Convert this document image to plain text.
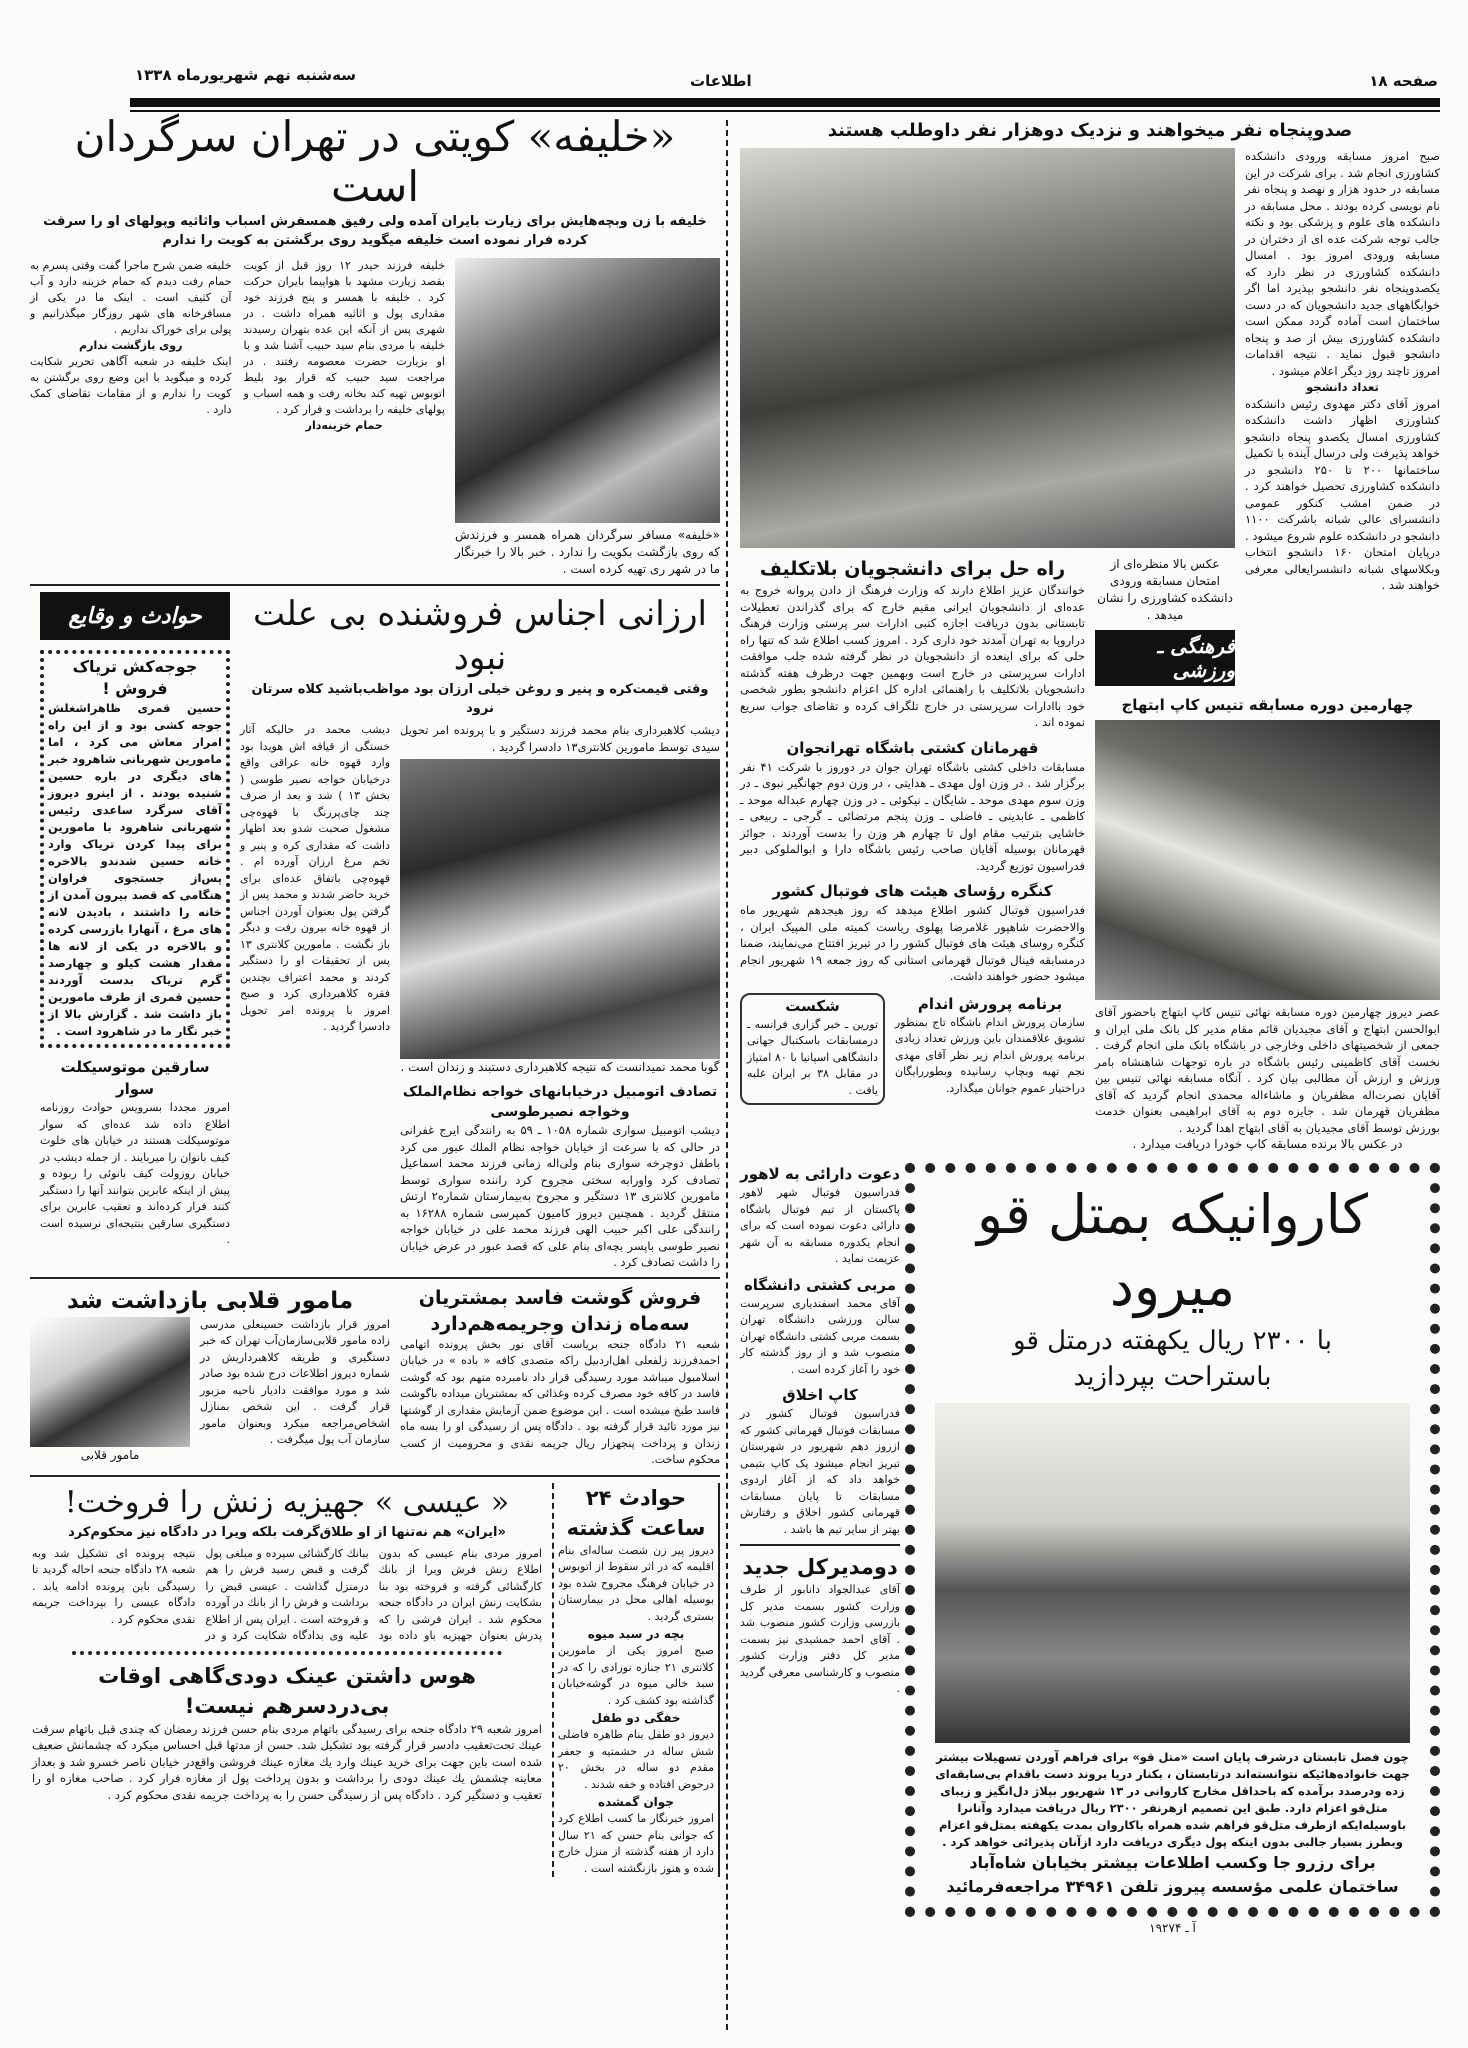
صفحه ۱۸
اطلاعات
سه‌شنبه نهم شهریورماه ۱۳۳۸
صدوپنجاه نفر میخواهند و نزدیک دوهزار نفر داوطلب هستند
صبح امروز مسابقه ورودی دانشکده کشاورزی انجام شد . برای شرکت در این مسابقه در حدود هزار و نهصد و پنجاه نفر نام نویسی کرده بودند . محل مسابقه در دانشکده های علوم و پزشکی بود و نکته جالب توجه شرکت عده ای از دختران در مسابقه ورودی امروز بود . امسال دانشکده کشاورزی در نظر دارد که یکصدوپنجاه نفر دانشجو بپذیرد اما اگر خوابگاههای جدید دانشجویان که در دست ساختمان است آماده گردد ممکن است دانشکده کشاورزی بیش از صد و پنجاه دانشجو قبول نماید . نتیجه اقدامات امروز تاچند روز دیگر اعلام میشود .
تعداد دانشجو
امروز آقای دکتر مهدوی رئیس دانشکده کشاورزی اظهار داشت دانشکده کشاورزی امسال یکصدو پنجاه دانشجو خواهد پذیرفت ولی درسال آینده با تکمیل ساختمانها ۲۰۰ تا ۲۵۰ دانشجو در دانشکده کشاورزی تحصیل خواهند کرد . در ضمن امشب کنکور عمومی دانشسرای عالی شبانه باشرکت ۱۱۰۰ دانشجو در دانشکده علوم شروع میشود . درپایان امتحان ۱۶۰ دانشجو انتخاب وبکلاسهای شبانه دانشسرایعالی معرفی خواهند شد .
عکس بالا منظره‌ای از امتحان مسابقه ورودی دانشکده کشاورزی را نشان میدهد .
فرهنگی ـ ورزشی
راه حل برای دانشجویان بلاتکلیف
خوانندگان عزیز اطلاع دارند که وزارت فرهنگ از دادن پروانه خروج به عده‌ای از دانشجویان ایرانی مقیم خارج که برای گذراندن تعطیلات تابستانی بدون دریافت اجازه کتبی ادارات سر پرستی وزارت فرهنگ دراروپا به تهران آمدند خود داری کرد . امروز کسب اطلاع شد که تنها راه حلی که برای اینعده از دانشجویان در نظر گرفته شده جلب موافقت ادارات سرپرستی در خارج است وبهمین جهت درظرف هفته گذشته دانشجویان بلاتکلیف با راهنمائی اداره کل اعزام دانشجو بطور شخصی خود باادارات سرپرستی در خارج تلگراف کرده و تقاضای جواب سریع نموده اند .
قهرمانان کشتی باشگاه تهرانجوان
مسابقات داخلی کشتی باشگاه تهران جوان در دوروز با شرکت ۴۱ نفر برگزار شد . در وزن اول مهدی ـ هدایتی ، در وزن دوم جهانگیر نبوی ـ در وزن سوم مهدی موحد ـ شایگان ـ نیکوئی ـ در وزن چهارم عبداله موحد ـ کاظمی ـ عابدینی ـ فاضلی ـ وزن پنجم مرتضائی ـ گرجی ـ ربیعی ـ خاشایی بترتیب مقام اول تا چهارم هر وزن را بدست آوردند . جوائز قهرمانان بوسیله آقایان صاحب رئیس باشگاه دارا و ابوالملوکی دبیر فدراسیون توزیع گردید.
کنگره رؤسای هیئت های فوتبال کشور
فدراسیون فوتبال کشور اطلاع میدهد که روز هیجدهم شهریور ماه والاحضرت شاهپور غلامرضا پهلوی ریاست کمیته ملی المپیک ایران ، کنگره روسای هیئت های فوتبال کشور را در تبریز افتتاح می‌نمایند، ضمنا درمسابقه فینال فوتبال قهرمانی استانی که روز جمعه ۱۹ شهریور انجام میشود حضور خواهند داشت.
برنامه پرورش اندام
سازمان پرورش اندام باشگاه تاج بمنظور تشویق علاقمندان باین ورزش تعداد زیادی برنامه پرورش اندام زیر نظر آقای مهدی نجم تهیه وبچاپ رسانیده وبطوررایگان دراختیار عموم جوانان میگذارد.
شکست
تورین ـ خبر گزاری فرانسه ـ درمسابقات باسکتبال جهانی دانشگاهی اسپانیا با ۸۰ امتیاز در مقابل ۳۸ بر ایران غلبه یافت .
چهارمین دوره مسابقه تنیس کاپ ابتهاج
عصر دیروز چهارمین دوره مسابقه نهائی تنیس کاپ ابتهاج باحضور آقای ابوالحسن ابتهاج و آقای مجیدیان قائم مقام مدیر کل بانک ملی ایران و جمعی از شخصیتهای داخلی وخارجی در باشگاه بانک ملی انجام گرفت . نخست آقای کاظمینی رئیس باشگاه در باره توجهات شاهنشاه بامر ورزش و ارزش آن مطالبی بیان کرد . آنگاه مسابقه نهائی تنیس بین آقایان نصرت‌اله مظفریان و ماشاءاله محمدی انجام گردید که آقای مظفریان قهرمان شد . جایزه دوم به آقای ابراهیمی بعنوان خدمت بورزش توسط آقای مجیدیان به آقای ابتهاج اهدا گردید .
در عکس بالا برنده مسابقه کاپ خودرا دریافت میدارد .
کاروانیکه بمتل قو میرود
با ۲۳۰۰ ریال یکهفته درمتل قو
باستراحت بپردازید
چون فصل تابستان درشرف پایان است «متل قو» برای فراهم آوردن تسهیلات بیشتر جهت خانواده‌هائیکه نتوانسته‌اند درتابستان ، بکنار دریا بروند دست باقدام بی‌سابقه‌ای زده ودرصدد برآمده که باحداقل مخارج کاروانی در ۱۳ شهریور بپلاژ دل‌انگیز و زیبای متل‌قو اعزام دارد. طبق این تصمیم ازهرنفر ۲۳۰۰ ریال دریافت میدارد وآنانرا باوسیله‌ایکه ازطرف متل‌قو فراهم شده همراه باکاروان بمدت یکهفته بمتل‌قو اعزام وبطرز بسیار جالبی بدون اینکه پول دیگری دریافت دارد ازآنان پذیرائی خواهد کرد .
برای رزرو جا وکسب اطلاعات بیشتر بخیابان شاه‌آباد
ساختمان علمی مؤسسه پیروز تلفن ۳۴۹۶۱ مراجعه‌فرمائید
آ ـ ۱۹۲۷۴
دعوت دارائی به لاهور
فدراسیون فوتبال شهر لاهور پاکستان از تیم فوتبال باشگاه دارائی دعوت نموده است که برای انجام یکدوره مسابقه به آن شهر عزیمت نماید .
مربی کشتی دانشگاه
آقای محمد اسفندیاری سرپرست سالن ورزشی دانشگاه تهران بسمت مربی کشتی دانشگاه تهران منصوب شد و از روز گذشته کار خود را آغاز کرده است .
کاپ اخلاق
فدراسیون فوتبال کشور در مسابقات فوتبال قهرمانی کشور که ازروز دهم شهریور در شهرستان تبریز انجام میشود یک کاپ بتیمی خواهد داد که از آغاز اردوی مسابقات تا پایان مسابقات قهرمانی کشور اخلاق و رفتارش بهتر از سایر تیم ها باشد .
دومدیرکل جدید
آقای عبدالجواد دانابور از طرف وزارت کشور بسمت مدیر کل بازرسی وزارت کشور منصوب شد . آقای احمد جمشیدی نیز بسمت مدیر کل دفتر وزارت کشور منصوب و کارشناسی معرفی گردید .
«خلیفه» کویتی در تهران سرگردان است
خلیفه با زن وبچه‌هایش برای زیارت بایران آمده ولی رفیق همسفرش اسباب واثاثیه وپولهای او را سرقت کرده فرار نموده است خلیفه میگوید روی برگشتن به کویت را ندارم
«خلیفه» مسافر سرگردان همراه همسر و فرزندش که روی بازگشت بکویت را ندارد . خبر بالا را خبرنگار ما در شهر ری تهیه کرده است .
خلیفه فرزند حیدر ۱۲ روز قبل از کویت بقصد زیارت مشهد با هواپیما بایران حرکت کرد . خلیفه با همسر و پنج فرزند خود مقداری پول و اثاثیه همراه داشت . در شهری پس از آنکه این عده بتهران رسیدند خلیفه با مردی بنام سید حبیب آشنا شد و با او بزیارت حضرت معصومه رفتند . در مراجعت سید حبیب که قرار بود بلیط اتوبوس تهیه کند بخانه رفت و همه اسباب و پولهای خلیفه را برداشت و فرار کرد .
حمام خزینه‌دار
خلیفه ضمن شرح ماجرا گفت وقتی پسرم به حمام رفت دیدم که حمام خزینه دارد و آب آن کثیف است . اینک ما در یکی از مسافرخانه های شهر روزگار میگذرانیم و پولی برای خوراک نداریم .
روی بازگشت ندارم
اینک خلیفه در شعبه آگاهی تحریر شکایت کرده و میگوید با این وضع روی برگشتن به کویت را ندارم و از مقامات تقاضای کمک دارد .
ارزانی اجناس فروشنده بی علت نبود
وقتی قیمت‌کره و پنیر و روغن خیلی ارزان بود مواظب‌باشید کلاه سرتان نرود
دیشب کلاهبرداری بنام محمد فرزند دستگیر و با پرونده امر تحویل سیدی توسط مامورین کلانتری۱۳ دادسرا گردید .
گوبا محمد نمیدانست که نتیجه کلاهبرداری دستبند و زندان است .
تصادف اتومبیل درخیابانهای خواجه نظام‌الملک وخواجه نصیرطوسی
دیشب اتومبیل سواری شماره ۱۰۵۸ ـ ۵۹ به رانندگی ایرج غفرانی در حالی که با سرعت از خیابان خواجه نظام الملك عبور می کرد باطفل دوچرخه سواری بنام ولی‌اله زمانی فرزند محمد اسماعیل تصادف کرد واورابه سختی مجروح کرد راننده سواری توسط مامورین کلانتری ۱۳ دستگیر و مجروح به‌بیمارستان شماره۲ ارتش منتقل گردید . همچنین دیروز کامیون کمپرسی شماره ۱۶۲۸۸ به رانندگی علی اکبر حبیب الهی فرزند محمد علی در خیابان خواجه نصیر طوسی باپسر بچه‌ای بنام علی که قصد عبور در عرض خیابان را داشت تصادف کرد .
دیشب محمد در حالیکه آثار خستگی از قیافه اش هویدا بود وارد قهوه خانه عراقی واقع درخیابان خواجه نصیر طوسی ( بخش ۱۳ ) شد و بعد از صرف چند چای‌پررنگ با قهوه‌چی مشغول صحبت شدو بعد اظهار داشت که مقداری کره و پنیر و تخم مرغ ارزان آورده ام . قهوه‌چی باتفاق عده‌ای برای خرید حاضر شدند و محمد پس از گرفتن پول بعنوان آوردن اجناس از قهوه خانه بیرون رفت و دیگر باز نگشت . مامورین کلانتری ۱۳ پس از تحقیقات او را دستگیر کردند و محمد اعتراف بچندین فقره کلاهبرداری کرد و صبح امروز با پرونده امر تحویل دادسرا گردید .
حوادث و وقایع
جوجه‌کش تریاک فروش !
حسین قمری ظاهراشغلش جوجه کشی بود و از این راه امرار معاش می کرد ، اما مامورین شهربانی شاهرود خبر های دیگری در باره حسین شنیده بودند . از اینرو دیروز آقای سرگرد ساعدی رئیس شهربانی شاهرود با مامورین برای پیدا کردن تریاک وارد خانه حسین شدندو بالاخره پس‌از جستجوی فراوان هنگامی که قصد بیرون آمدن از خانه را داشتند ، بادیدن لانه های مرغ ، آنهارا بازرسی کرده و بالاخره در یکی از لانه ها مقدار هشت کیلو و چهارصد گرم تریاک بدست آوردند حسین قمری از طرف مامورین باز داشت شد . گزارش بالا از خبر نگار ما در شاهرود است .
سارقین موتوسیکلت سوار
امروز مجددا بسرویس حوادث روزنامه اطلاع داده شد عده‌ای که سوار موتوسیکلت هستند در خیابان های خلوت کیف بانوان را میربایند . از جمله دیشب در خیابان روزولت کیف بانوئی را ربوده و پیش از اینکه عابرین بتوانند آنها را دستگیر کنند فرار کرده‌اند و تعقیب عابرین برای دستگیری سارقین بنتیجه‌ای نرسیده است .
فروش گوشت فاسد بمشتریان سه‌ماه زندان وجریمه‌هم‌دارد
شعبه ۲۱ دادگاه جنحه بریاست آقای نور بخش پرونده اتهامی احمدفرزند زلفعلی اهل‌اردبیل راکه متصدی کافه « باده » در خیابان اسلامبول میباشد مورد رسیدگی قرار داد نامبرده متهم بود که گوشت فاسد در کافه خود مصرف کرده وغذائی که بمشتریان میداده باگوشت فاسد طبخ میشده است . این موضوع ضمن آزمایش مقداری از گوشتها نیز مورد تائید قرار گرفته بود . دادگاه پس از رسیدگی او را بسه ماه زندان و پرداخت پنجهزار ریال جریمه نقدی و محرومیت از کسب محکوم ساخت.
مامور قلابی بازداشت شد
امروز قرار بازداشت حسینعلی مدرسی زاده مامور قلابی‌سازمان‌آب تهران که خبر دستگیری و طریقه کلاهبرداریش در شماره دیروز اطلاعات درج شده بود صادر شد و مورد موافقت دادیار ناحیه مزبور قرار گرفت . این شخص بمنازل اشخاص‌مراجعه میکرد وبعنوان مامور سازمان آب پول میگرفت .
مامور قلابی
حوادث ۲۴ ساعت گذشته
دیروز پیر زن شصت ساله‌ای بنام اقلیمه که در اثر سقوط از اتوبوس در خیابان فرهنگ مجروح شده بود بوسیله اهالی محل در بیمارستان بستری گردید .
بچه در سبد میوه
صبح امروز یکی از مامورین کلانتری ۲۱ جنازه نوزادی را که در سبد خالی میوه در گوشه‌خیابان گذاشته بود کشف کرد .
خفگی دو طفل
دیروز دو طفل بنام طاهره فاضلی شش ساله در حشمتیه و جعفر مقدم دو ساله در بخش ۲۰ درحوض افتاده و خفه شدند .
جوان گمشده
امروز خبرنگار ما کسب اطلاع کرد که جوانی بنام حسن که ۲۱ سال دارد از هفته گذشته از منزل خارج شده و هنوز بازنگشته است .
« عیسی » جهیزیه زنش را فروخت!
«ایران» هم نه‌تنها از او طلاق‌گرفت بلکه ویرا در دادگاه نیز محکوم‌کرد
امروز مردی بنام عیسی که بدون اطلاع زنش فرش ویرا از بانك کارگشائی گرفته و فروخته بود بنا بشکایت زنش ایران در دادگاه جنحه محکوم شد . ایران فرشی را که پدرش بعنوان جهیزیه باو داده بود ببانك کارگشائی سپرده و مبلغی پول گرفت و قبض رسید فرش را هم درمنزل گذاشت . عیسی قبض را برداشت و فرش را از بانك در آورده و فروخته است . ایران پس از اطلاع علیه وی بدادگاه شکایت کرد و در نتیجه پرونده ای تشکیل شد وبه شعبه ۲۸ دادگاه جنحه احاله گردید تا رسیدگی باین پرونده ادامه یابد . دادگاه عیسی را بپرداخت جریمه نقدی محکوم کرد .
هوس داشتن عینک دودی‌گاهی اوقات بی‌دردسرهم نیست!
امروز شعبه ۲۹ دادگاه جنحه برای رسیدگی باتهام مردی بنام حسن فرزند رمضان که چندی قبل باتهام سرقت عینك تحت‌تعقیب دادسر قرار گرفته بود تشکیل شد. حسن از مدتها قبل احساس میکرد که چشمانش ضعیف شده است باین جهت برای خرید عینك وارد یك مغازه عینك فروشی واقع‌در خیابان ناصر خسرو شد و بعداز معاینه چشمش یك عینك دودی را برداشت و بدون پرداخت پول از مغازه فرار کرد . صاحب مغازه او را تعقیب و دستگیر کرد . دادگاه پس از رسیدگی حسن را به پرداخت جریمه نقدی محکوم کرد .
